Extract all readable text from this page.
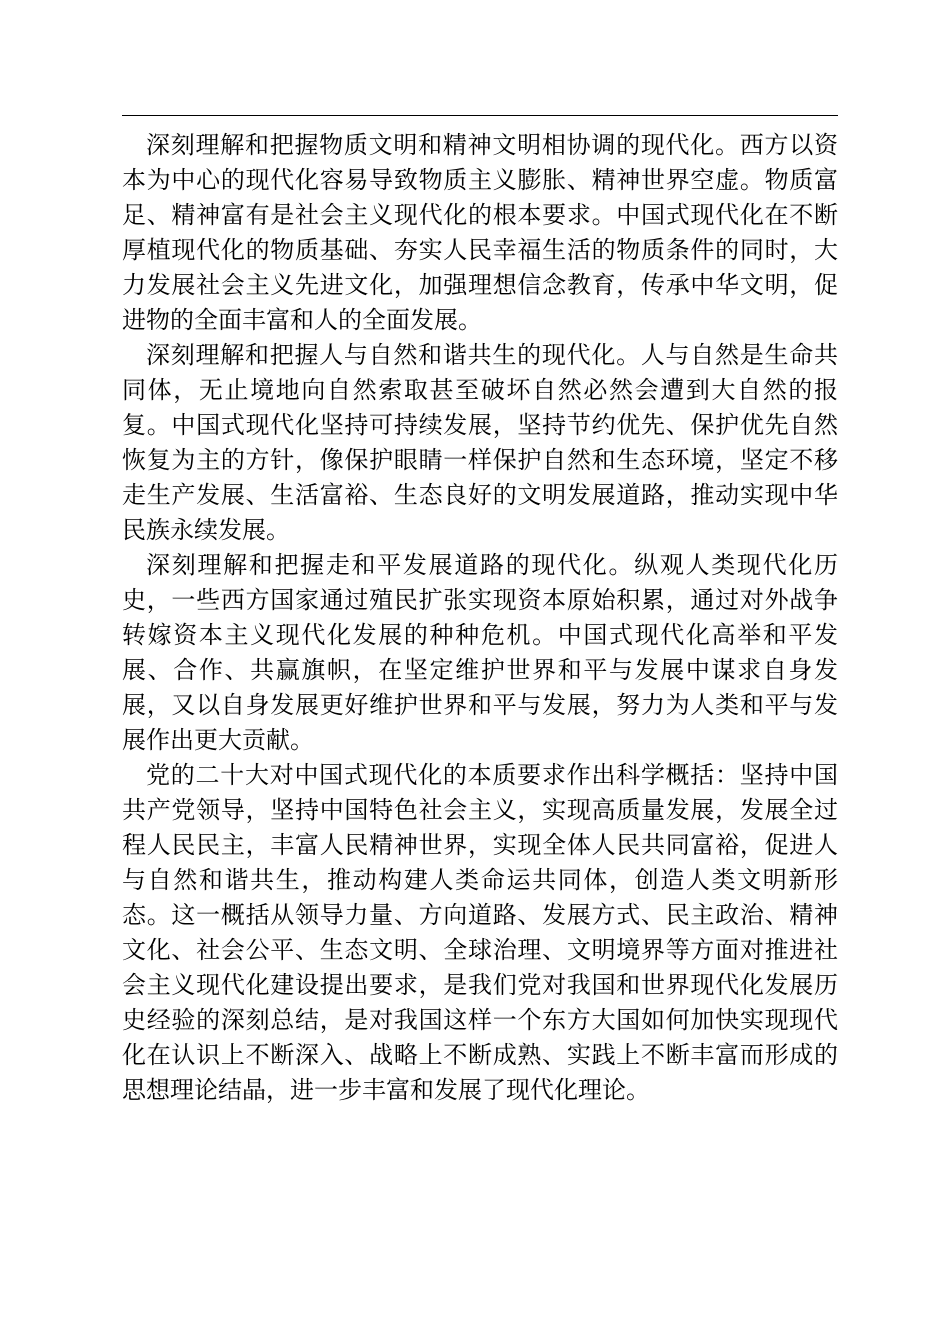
深刻理解和把握物质文明和精神文明相协调的现代化。西方以资本为中心的现代化容易导致物质主义膨胀、精神世界空虚。物质富足、精神富有是社会主义现代化的根本要求。中国式现代化在不断厚植现代化的物质基础、夯实人民幸福生活的物质条件的同时，大力发展社会主义先进文化，加强理想信念教育，传承中华文明，促进物的全面丰富和人的全面发展。

深刻理解和把握人与自然和谐共生的现代化。人与自然是生命共同体，无止境地向自然索取甚至破坏自然必然会遭到大自然的报复。中国式现代化坚持可持续发展，坚持节约优先、保护优先自然恢复为主的方针，像保护眼睛一样保护自然和生态环境，坚定不移走生产发展、生活富裕、生态良好的文明发展道路，推动实现中华民族永续发展。

深刻理解和把握走和平发展道路的现代化。纵观人类现代化历史，一些西方国家通过殖民扩张实现资本原始积累，通过对外战争转嫁资本主义现代化发展的种种危机。中国式现代化高举和平发展、合作、共赢旗帜，在坚定维护世界和平与发展中谋求自身发展，又以自身发展更好维护世界和平与发展，努力为人类和平与发展作出更大贡献。

党的二十大对中国式现代化的本质要求作出科学概括：坚持中国共产党领导，坚持中国特色社会主义，实现高质量发展，发展全过程人民民主，丰富人民精神世界，实现全体人民共同富裕，促进人与自然和谐共生，推动构建人类命运共同体，创造人类文明新形态。这一概括从领导力量、方向道路、发展方式、民主政治、精神文化、社会公平、生态文明、全球治理、文明境界等方面对推进社会主义现代化建设提出要求，是我们党对我国和世界现代化发展历史经验的深刻总结，是对我国这样一个东方大国如何加快实现现代化在认识上不断深入、战略上不断成熟、实践上不断丰富而形成的思想理论结晶，进一步丰富和发展了现代化理论。
